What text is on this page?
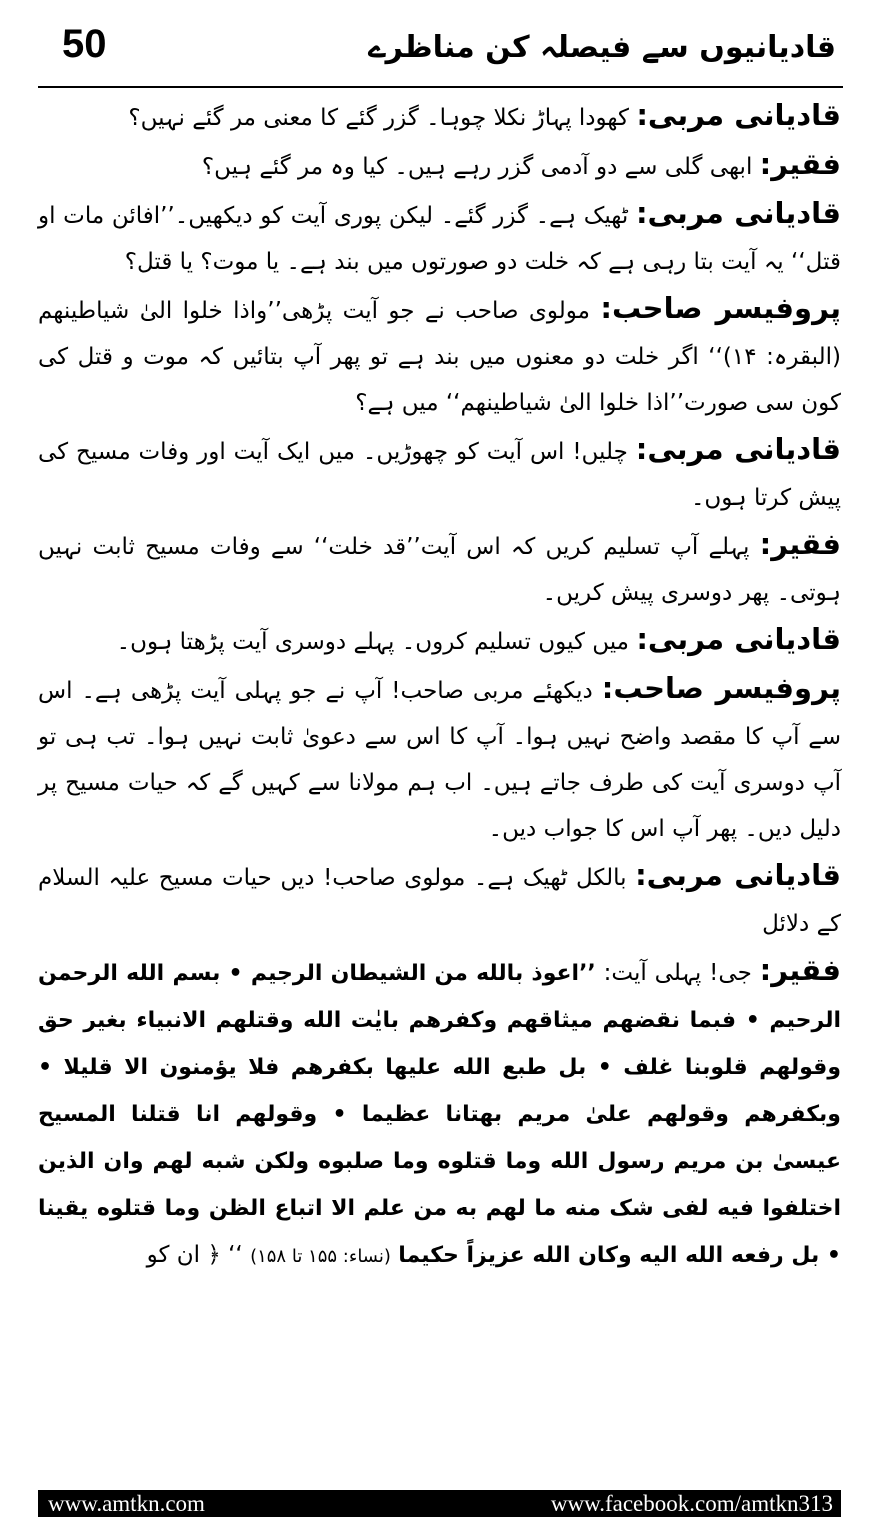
50	قادیانیوں سے فیصلہ کن مناظرے

قادیانی مربی: کھودا پہاڑ نکلا چوہا۔ گزر گئے کا معنی مر گئے نہیں؟

فقیر: ابھی گلی سے دو آدمی گزر رہے ہیں۔ کیا وہ مر گئے ہیں؟

قادیانی مربی: ٹھیک ہے۔ گزر گئے۔ لیکن پوری آیت کو دیکھیں۔’’افائن مات او قتل‘‘ یہ آیت بتا رہی ہے کہ خلت دو صورتوں میں بند ہے۔ یا موت؟ یا قتل؟

پروفیسر صاحب: مولوی صاحب نے جو آیت پڑھی’’واذا خلوا الیٰ شیاطینهم (البقرہ: ۱۴)‘‘ اگر خلت دو معنوں میں بند ہے تو پھر آپ بتائیں کہ موت و قتل کی کون سی صورت’’اذا خلوا الیٰ شیاطینهم‘‘ میں ہے؟

قادیانی مربی: چلیں! اس آیت کو چھوڑیں۔ میں ایک آیت اور وفات مسیح کی پیش کرتا ہوں۔

فقیر: پہلے آپ تسلیم کریں کہ اس آیت’’قد خلت‘‘ سے وفات مسیح ثابت نہیں ہوتی۔ پھر دوسری پیش کریں۔

قادیانی مربی: میں کیوں تسلیم کروں۔ پہلے دوسری آیت پڑھتا ہوں۔

پروفیسر صاحب: دیکھئے مربی صاحب! آپ نے جو پہلی آیت پڑھی ہے۔ اس سے آپ کا مقصد واضح نہیں ہوا۔ آپ کا اس سے دعویٰ ثابت نہیں ہوا۔ تب ہی تو آپ دوسری آیت کی طرف جاتے ہیں۔ اب ہم مولانا سے کہیں گے کہ حیات مسیح پر دلیل دیں۔ پھر آپ اس کا جواب دیں۔

قادیانی مربی: بالکل ٹھیک ہے۔ مولوی صاحب! دیں حیات مسیح علیہ السلام کے دلائل

فقیر: جی! پہلی آیت: ’’اعوذ بالله من الشیطان الرجیم • بسم الله الرحمن الرحیم • فبما نقضهم میثاقهم وکفرهم بایٰت الله وقتلهم الانبیاء بغیر حق وقولهم قلوبنا غلف • بل طبع الله علیها بکفرهم فلا یؤمنون الا قلیلا • وبکفرهم وقولهم علیٰ مریم بهتانا عظیما • وقولهم انا قتلنا المسیح عیسیٰ بن مریم رسول الله وما قتلوه وما صلبوه ولکن شبه لهم وان الذین اختلفوا فیه لفی شک منه ما لهم به من علم الا اتباع الظن وما قتلوه یقینا • بل رفعه الله الیه وکان الله عزیزاً حکیما (نساء: ۱۵۵ تا ۱۵۸) ‘‘ ﴿ ان کو

www.amtkn.com	www.facebook.com/amtkn313
